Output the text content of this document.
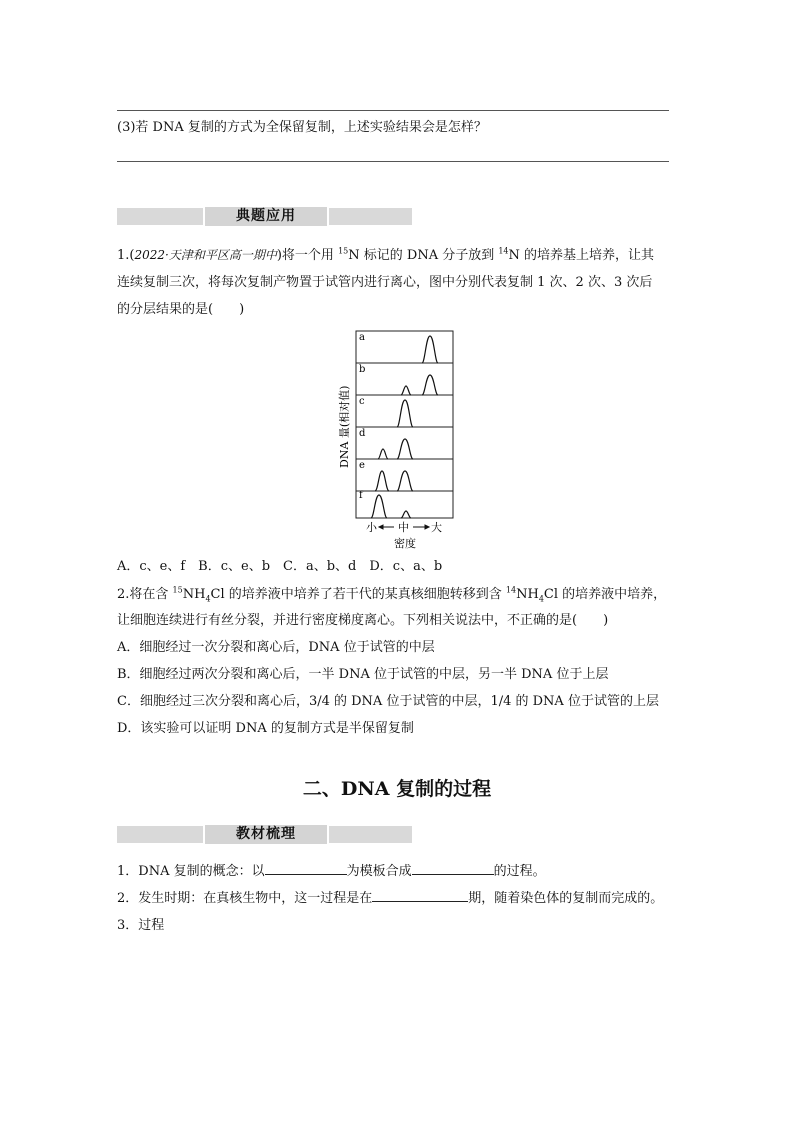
(3)若 DNA 复制的方式为全保留复制，上述实验结果会是怎样？
典题应用
1.(2022·天津和平区高一期中)将一个用 $^{15}$N 标记的 DNA 分子放到 $^{14}$N 的培养基上培养，让其
连续复制三次，将每次复制产物置于试管内进行离心，图中分别代表复制 1 次、2 次、3 次后
的分层结果的是(　　)
DNA 量(相对值)
a
b
c
d
e
f
小 中 大
密度
A．c、e、f　B．c、e、b　C．a、b、d　D．c、a、b
2.将在含 $^{15}NH_4Cl$ 的培养液中培养了若干代的某真核细胞转移到含 $^{14}NH_4Cl$ 的培养液中培养，
让细胞连续进行有丝分裂，并进行密度梯度离心。下列相关说法中，不正确的是(　　)
A．细胞经过一次分裂和离心后，DNA 位于试管的中层
B．细胞经过两次分裂和离心后，一半 DNA 位于试管的中层，另一半 DNA 位于上层
C．细胞经过三次分裂和离心后，3/4 的 DNA 位于试管的中层，1/4 的 DNA 位于试管的上层
D．该实验可以证明 DNA 的复制方式是半保留复制
二、DNA 复制的过程
教材梳理
1．DNA 复制的概念：以	为模板合成	的过程。
2．发生时期：在真核生物中，这一过程是在	期，随着染色体的复制而完成的。
3．过程
